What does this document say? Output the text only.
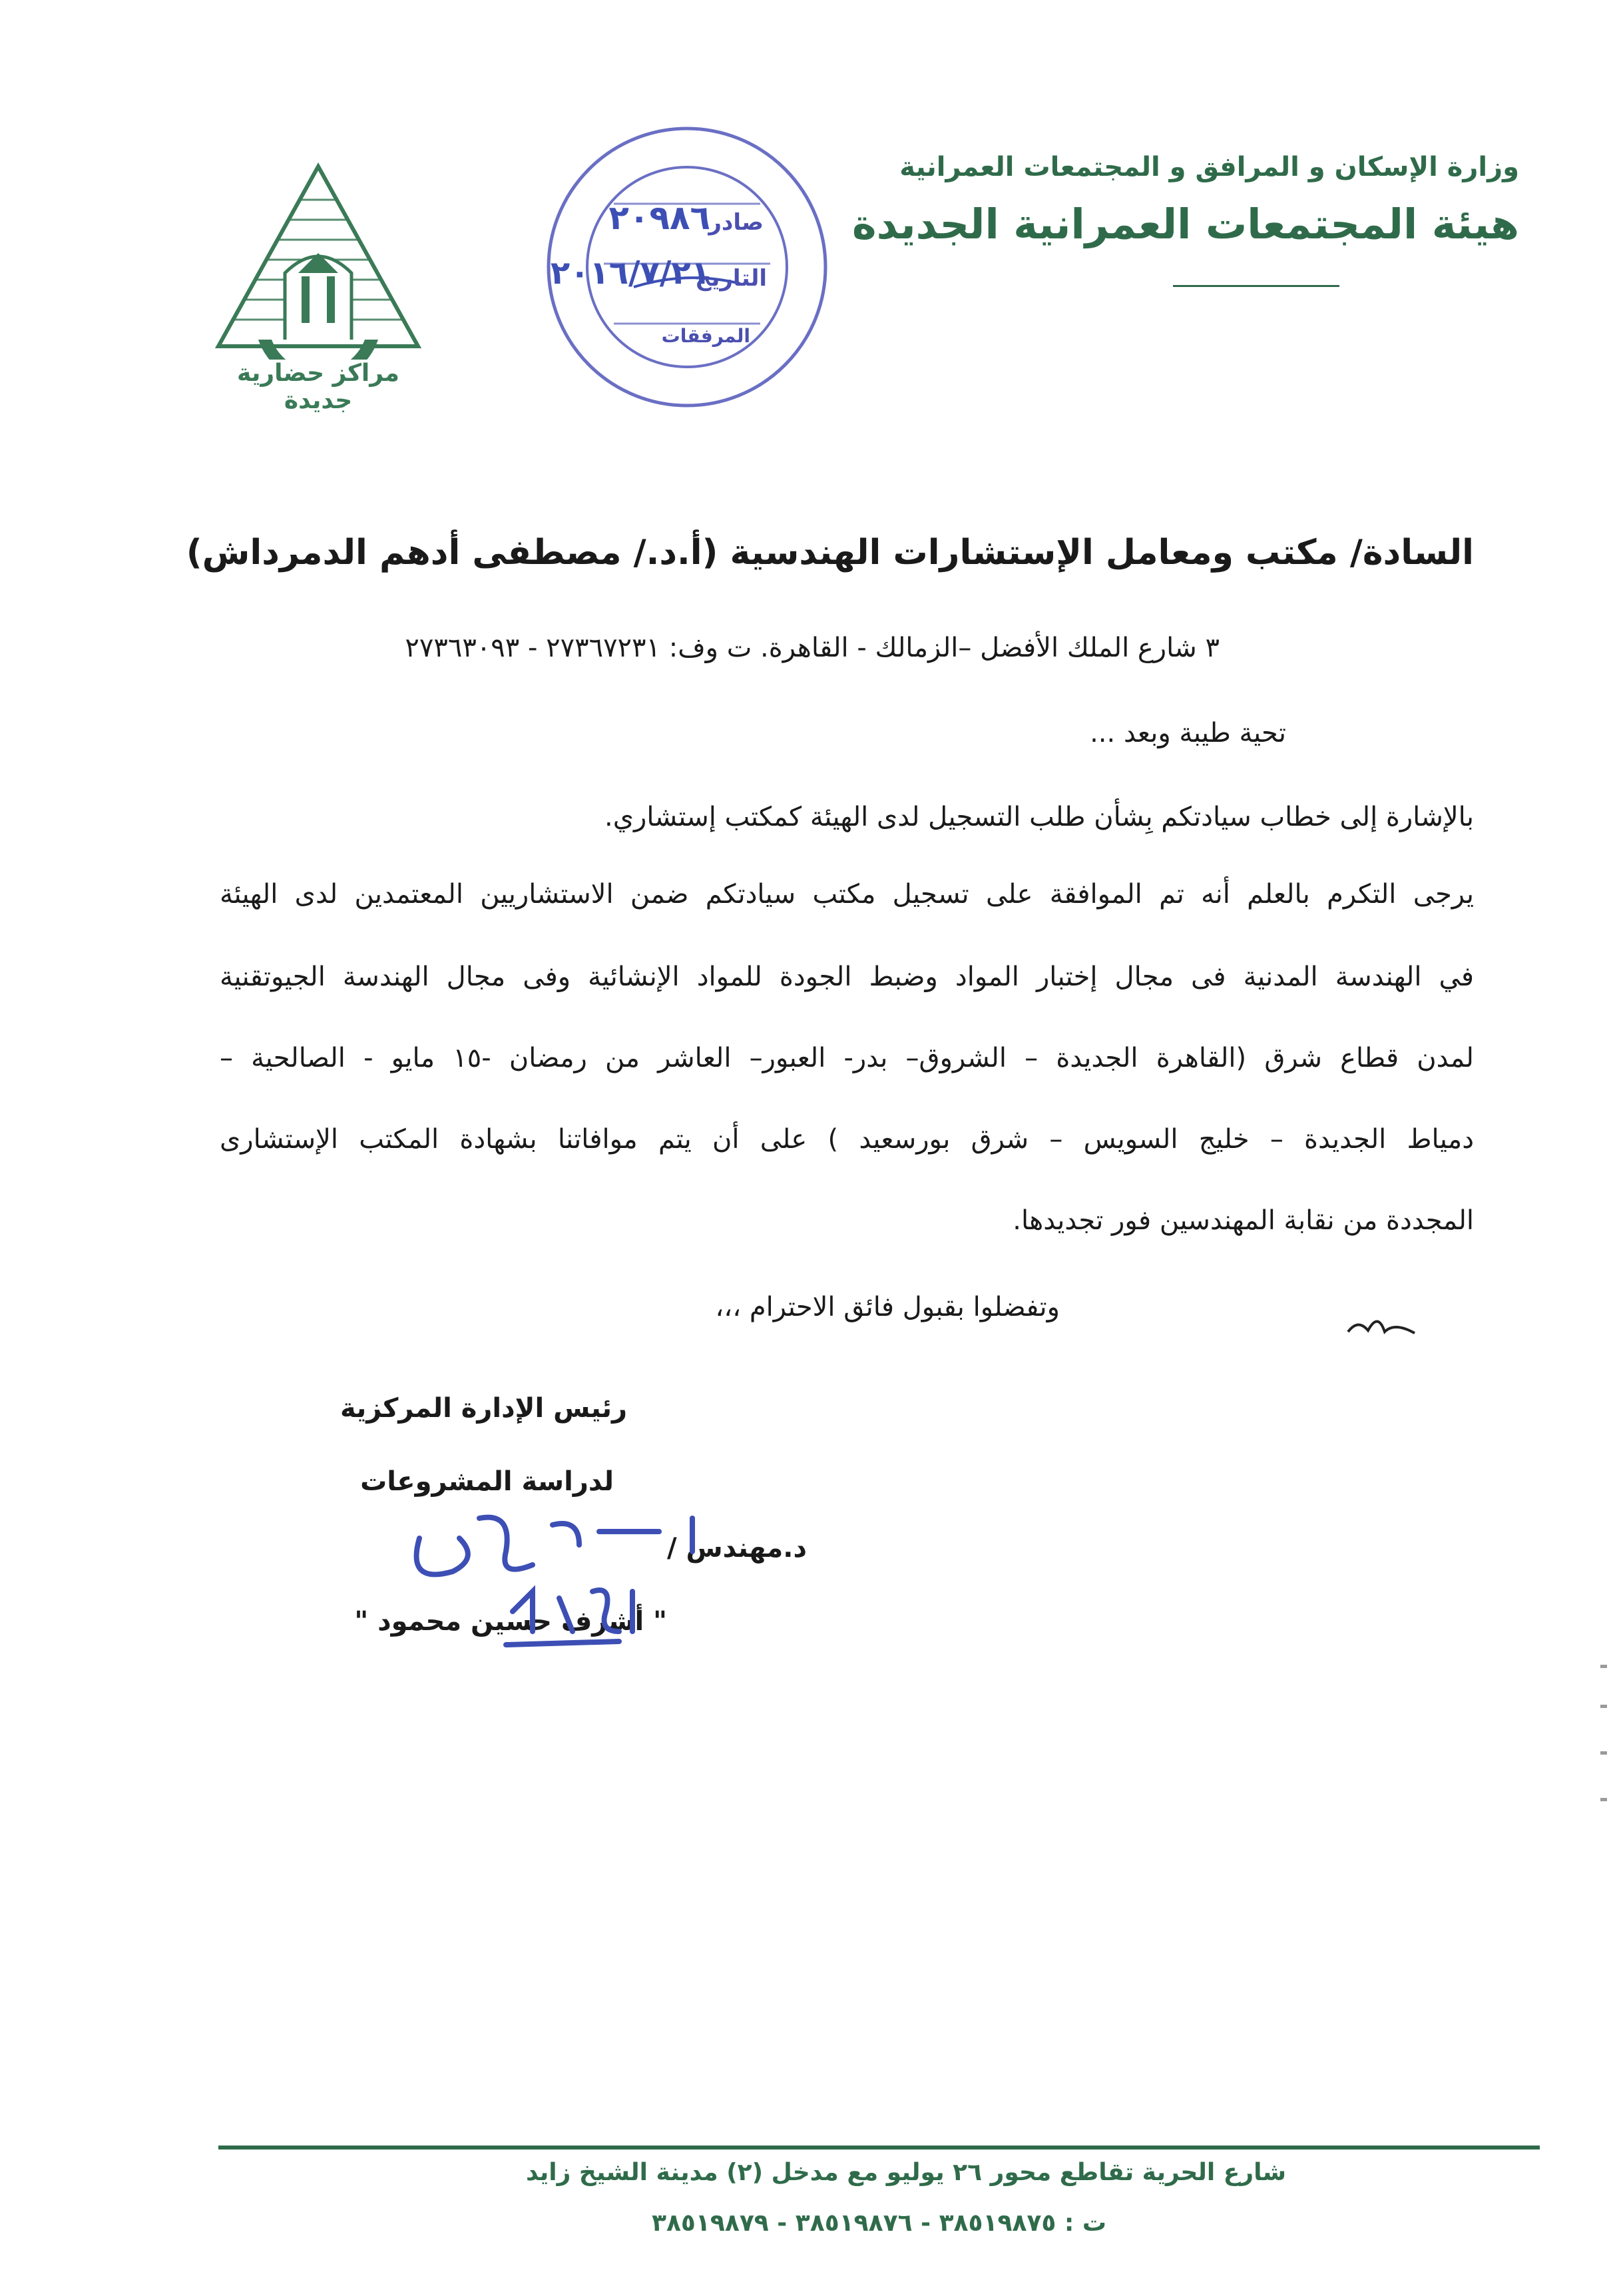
وزارة الإسكان و المرافق و المجتمعات العمرانية
هيئة المجتمعات العمرانية الجديدة
مراكز حضارية جديدة
صادر
٢٠٩٨٦
التاريخ
٢٠١٦/٧/٢١
المرفقات
السادة/ مكتب ومعامل الإستشارات الهندسية (أ.د./ مصطفى أدهم الدمرداش)
٣ شارع الملك الأفضل –الزمالك - القاهرة. ت وف: ٢٧٣٦٧٢٣١ - ٢٧٣٦٣٠٩٣
تحية طيبة وبعد ...
بالإشارة إلى خطاب سيادتكم بِشأن طلب التسجيل لدى الهيئة كمكتب إستشاري.
يرجى التكرم بالعلم أنه تم الموافقة على تسجيل مكتب سيادتكم ضمن الاستشاريين المعتمدين لدى الهيئة
في الهندسة المدنية فى مجال إختبار المواد وضبط الجودة للمواد الإنشائية وفى مجال الهندسة الجيوتقنية
لمدن قطاع شرق (القاهرة الجديدة – الشروق– بدر- العبور– العاشر من رمضان -١٥ مايو - الصالحية –
دمياط الجديدة – خليج السويس – شرق بورسعيد ) على أن يتم موافاتنا بشهادة المكتب الإستشارى
المجددة من نقابة المهندسين فور تجديدها.
وتفضلوا بقبول فائق الاحترام ،،،
رئيس الإدارة المركزية
لدراسة المشروعات
د.مهندس /
" أشرف حسين محمود "
شارع الحرية تقاطع محور ٢٦ يوليو مع مدخل (٢) مدينة الشيخ زايد
ت : ٣٨٥١٩٨٧٥ - ٣٨٥١٩٨٧٦ - ٣٨٥١٩٨٧٩
